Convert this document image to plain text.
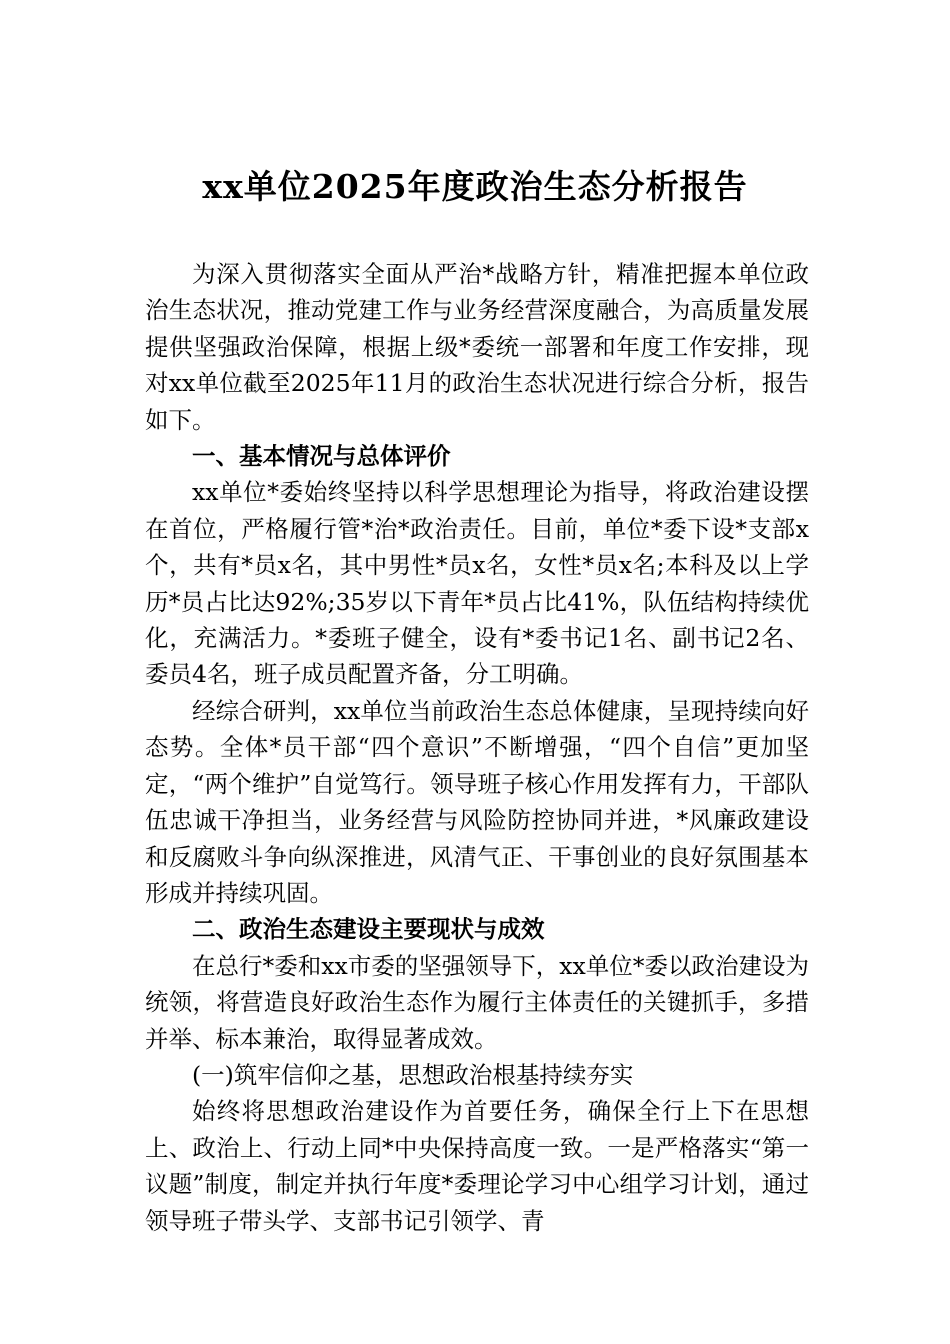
xx单位2025年度政治生态分析报告

为深入贯彻落实全面从严治*战略方针，精准把握本单位政治生态状况，推动党建工作与业务经营深度融合，为高质量发展提供坚强政治保障，根据上级*委统一部署和年度工作安排，现对xx单位截至2025年11月的政治生态状况进行综合分析，报告如下。

一、基本情况与总体评价

xx单位*委始终坚持以科学思想理论为指导，将政治建设摆在首位，严格履行管*治*政治责任。目前，单位*委下设*支部x个，共有*员x名，其中男性*员x名，女性*员x名;本科及以上学历*员占比达92%;35岁以下青年*员占比41%，队伍结构持续优化，充满活力。*委班子健全，设有*委书记1名、副书记2名、委员4名，班子成员配置齐备，分工明确。

经综合研判，xx单位当前政治生态总体健康，呈现持续向好态势。全体*员干部“四个意识”不断增强，“四个自信”更加坚定，“两个维护”自觉笃行。领导班子核心作用发挥有力，干部队伍忠诚干净担当，业务经营与风险防控协同并进，*风廉政建设和反腐败斗争向纵深推进，风清气正、干事创业的良好氛围基本形成并持续巩固。

二、政治生态建设主要现状与成效

在总行*委和xx市委的坚强领导下，xx单位*委以政治建设为统领，将营造良好政治生态作为履行主体责任的关键抓手，多措并举、标本兼治，取得显著成效。

(一)筑牢信仰之基，思想政治根基持续夯实

始终将思想政治建设作为首要任务，确保全行上下在思想上、政治上、行动上同*中央保持高度一致。一是严格落实“第一议题”制度，制定并执行年度*委理论学习中心组学习计划，通过领导班子带头学、支部书记引领学、青
